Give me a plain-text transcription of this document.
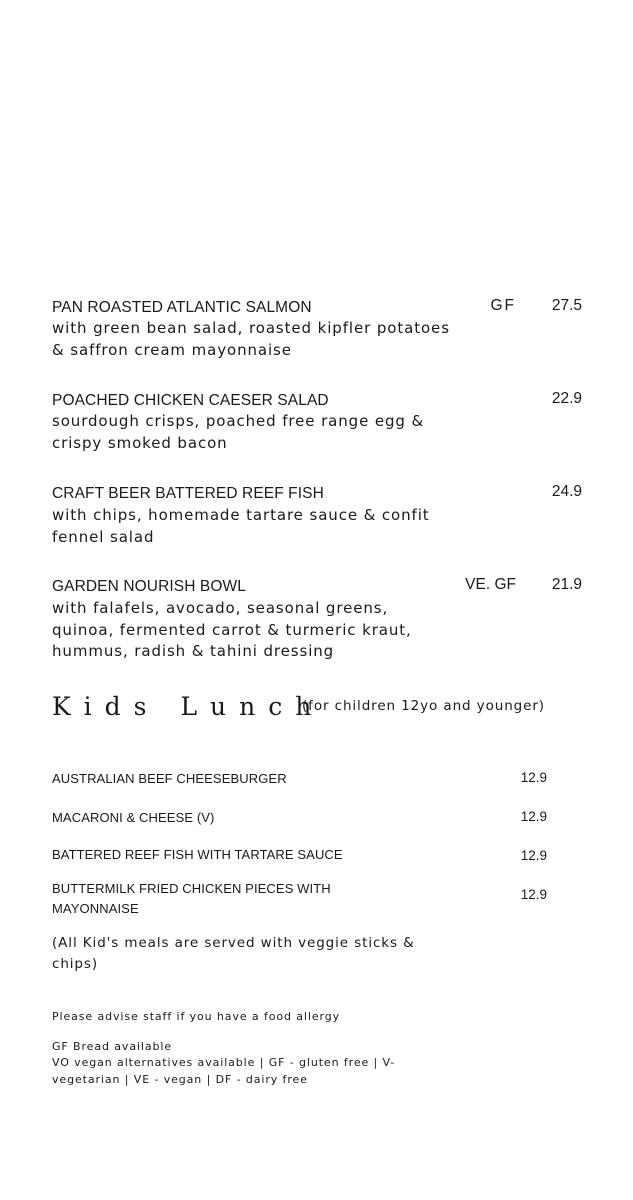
PAN ROASTED ATLANTIC SALMON	GF	27.5
with green bean salad, roasted kipfler potatoes
& saffron cream mayonnaise
POACHED CHICKEN CAESER SALAD	22.9
sourdough crisps, poached free range egg &
crispy smoked bacon
CRAFT BEER BATTERED REEF FISH	24.9
with chips, homemade tartare sauce & confit
fennel salad
GARDEN NOURISH BOWL	VE. GF	21.9
with falafels, avocado, seasonal greens,
quinoa, fermented carrot & turmeric kraut,
hummus, radish & tahini dressing
Kids Lunch
(for children 12yo and younger)
AUSTRALIAN BEEF CHEESEBURGER	12.9
MACARONI & CHEESE (V)	12.9
BATTERED REEF FISH WITH TARTARE SAUCE	12.9
BUTTERMILK FRIED CHICKEN PIECES WITH
MAYONNAISE
12.9
(All Kid's meals are served with veggie sticks &
chips)
Please advise staff if you have a food allergy
GF Bread available
VO vegan alternatives available | GF - gluten free | V-
vegetarian | VE - vegan | DF - dairy free
